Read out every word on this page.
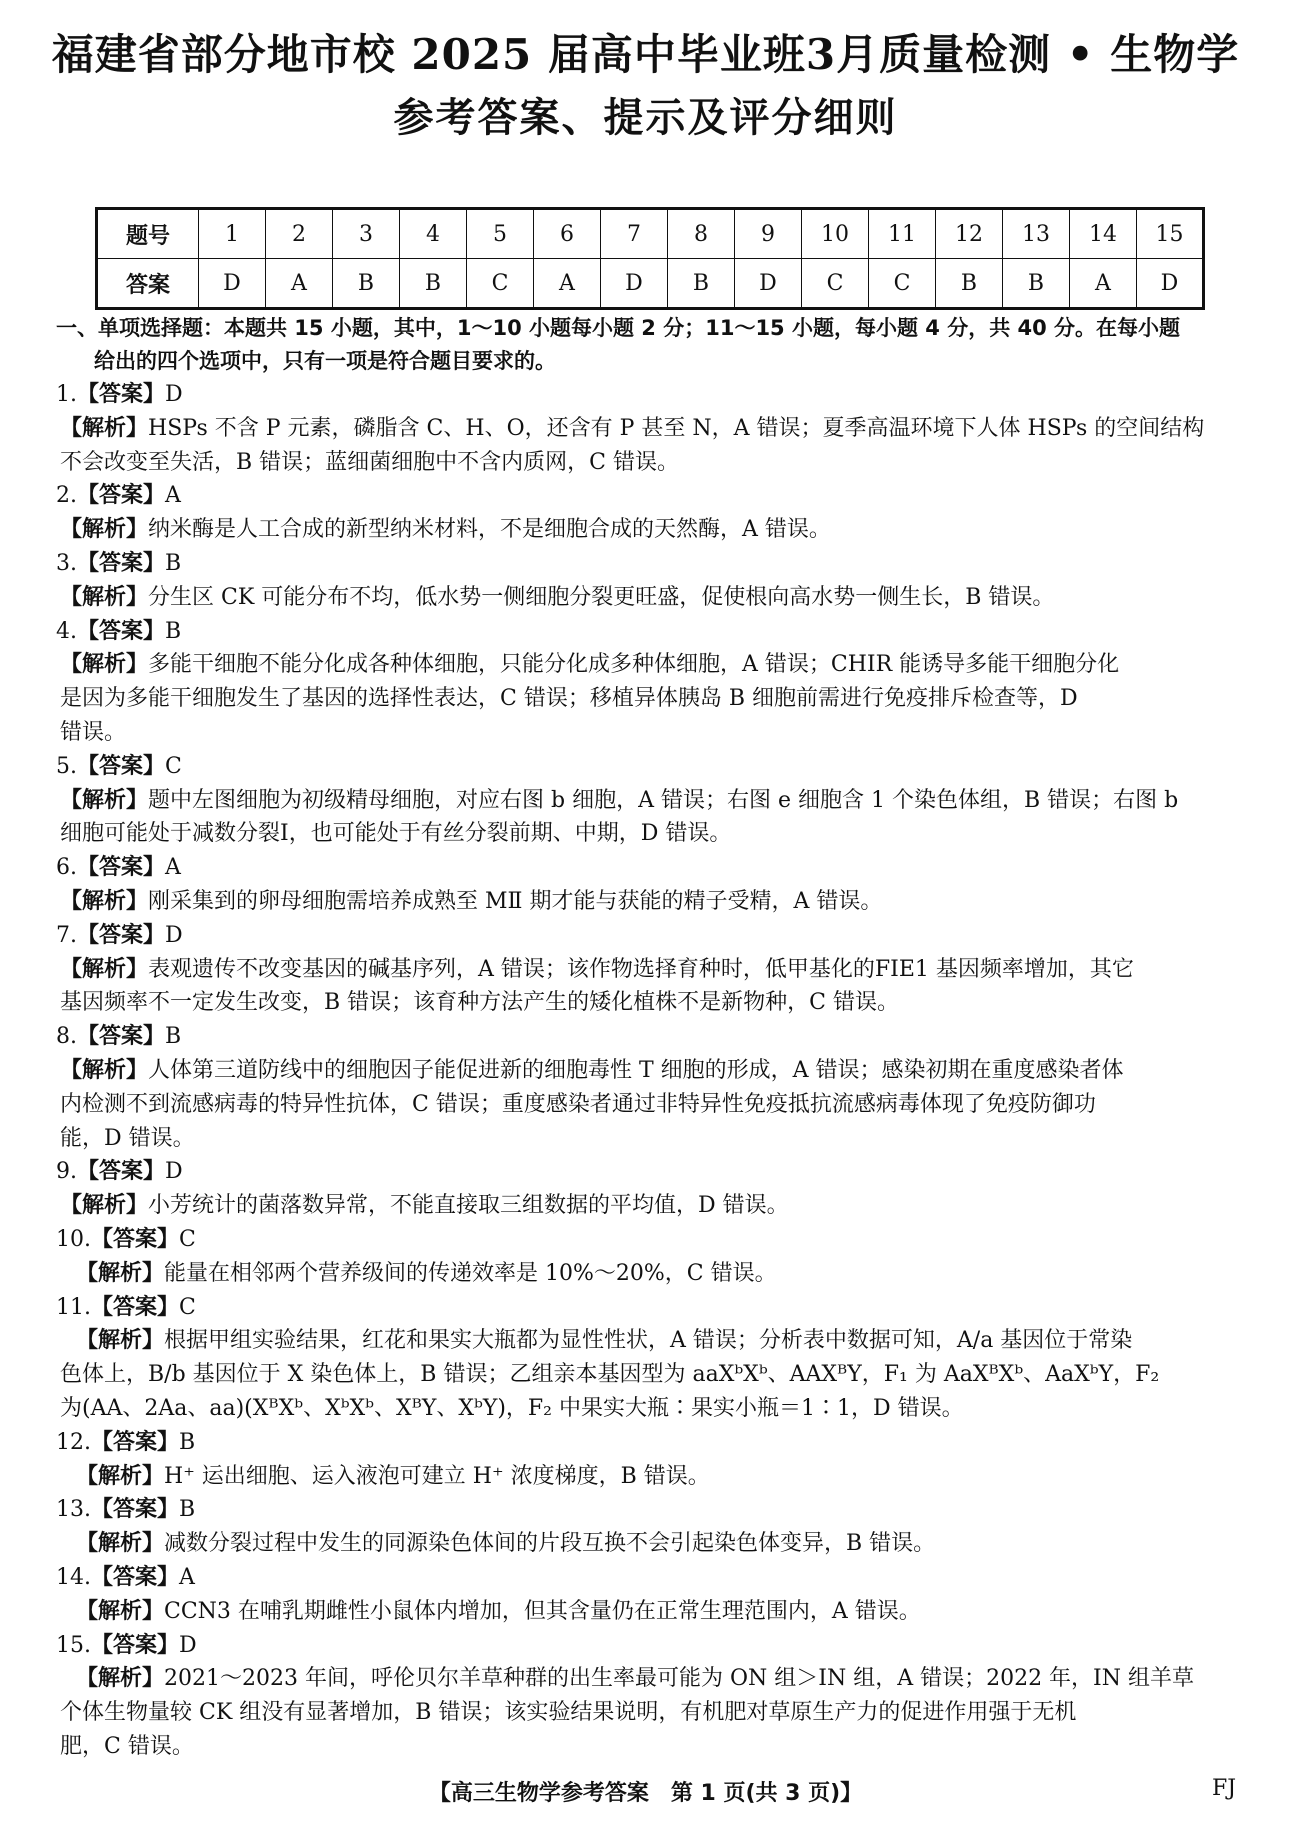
福建省部分地市校 2025 届高中毕业班3月质量检测 • 生物学
参考答案、提示及评分细则
题号	1	2	3	4	5	6	7	8	9	10	11	12	13	14	15
答案	D	A	B	B	C	A	D	B	D	C	C	B	B	A	D
一、单项选择题：本题共 15 小题，其中，1～10 小题每小题 2 分；11～15 小题，每小题 4 分，共 40 分。在每小题
给出的四个选项中，只有一项是符合题目要求的。
1.【答案】D
【解析】HSPs 不含 P 元素，磷脂含 C、H、O，还含有 P 甚至 N，A 错误；夏季高温环境下人体 HSPs 的空间结构
不会改变至失活，B 错误；蓝细菌细胞中不含内质网，C 错误。
2.【答案】A
【解析】纳米酶是人工合成的新型纳米材料，不是细胞合成的天然酶，A 错误。
3.【答案】B
【解析】分生区 CK 可能分布不均，低水势一侧细胞分裂更旺盛，促使根向高水势一侧生长，B 错误。
4.【答案】B
【解析】多能干细胞不能分化成各种体细胞，只能分化成多种体细胞，A 错误；CHIR 能诱导多能干细胞分化
是因为多能干细胞发生了基因的选择性表达，C 错误；移植异体胰岛 B 细胞前需进行免疫排斥检查等，D
错误。
5.【答案】C
【解析】题中左图细胞为初级精母细胞，对应右图 b 细胞，A 错误；右图 e 细胞含 1 个染色体组，B 错误；右图 b
细胞可能处于减数分裂Ⅰ，也可能处于有丝分裂前期、中期，D 错误。
6.【答案】A
【解析】刚采集到的卵母细胞需培养成熟至 MⅡ 期才能与获能的精子受精，A 错误。
7.【答案】D
【解析】表观遗传不改变基因的碱基序列，A 错误；该作物选择育种时，低甲基化的FIE1 基因频率增加，其它
基因频率不一定发生改变，B 错误；该育种方法产生的矮化植株不是新物种，C 错误。
8.【答案】B
【解析】人体第三道防线中的细胞因子能促进新的细胞毒性 T 细胞的形成，A 错误；感染初期在重度感染者体
内检测不到流感病毒的特异性抗体，C 错误；重度感染者通过非特异性免疫抵抗流感病毒体现了免疫防御功
能，D 错误。
9.【答案】D
【解析】小芳统计的菌落数异常，不能直接取三组数据的平均值，D 错误。
10.【答案】C
【解析】能量在相邻两个营养级间的传递效率是 10%～20%，C 错误。
11.【答案】C
【解析】根据甲组实验结果，红花和果实大瓶都为显性性状，A 错误；分析表中数据可知，A/a 基因位于常染
色体上，B/b 基因位于 X 染色体上，B 错误；乙组亲本基因型为 aaXᵇXᵇ、AAXᴮY，F₁ 为 AaXᴮXᵇ、AaXᵇY，F₂
为(AA、2Aa、aa)(XᴮXᵇ、XᵇXᵇ、XᴮY、XᵇY)，F₂ 中果实大瓶∶果实小瓶＝1∶1，D 错误。
12.【答案】B
【解析】H⁺ 运出细胞、运入液泡可建立 H⁺ 浓度梯度，B 错误。
13.【答案】B
【解析】减数分裂过程中发生的同源染色体间的片段互换不会引起染色体变异，B 错误。
14.【答案】A
【解析】CCN3 在哺乳期雌性小鼠体内增加，但其含量仍在正常生理范围内，A 错误。
15.【答案】D
【解析】2021～2023 年间，呼伦贝尔羊草种群的出生率最可能为 ON 组＞IN 组，A 错误；2022 年，IN 组羊草
个体生物量较 CK 组没有显著增加，B 错误；该实验结果说明，有机肥对草原生产力的促进作用强于无机
肥，C 错误。
【高三生物学参考答案　第 1 页(共 3 页)】	FJ
